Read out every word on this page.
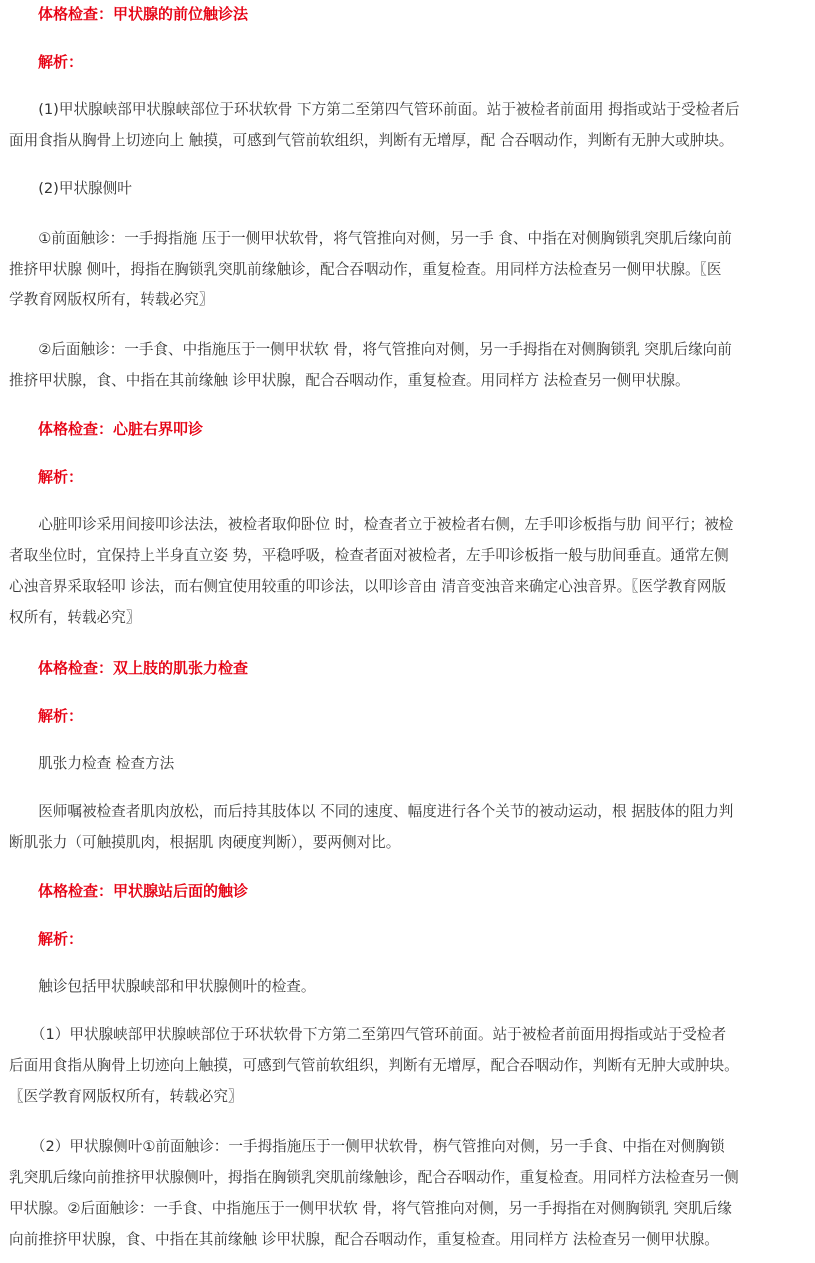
体格检查：甲状腺的前位触诊法
解析：
　　(1)甲状腺峡部甲状腺峡部位于环状软骨 下方第二至第四气管环前面。站于被检者前面用 拇指或站于受检者后
面用食指从胸骨上切迹向上 触摸，可感到气管前软组织，判断有无增厚，配 合吞咽动作，判断有无肿大或肿块。
　　(2)甲状腺侧叶
　　①前面触诊：一手拇指施 压于一侧甲状软骨，将气管推向对侧，另一手 食、中指在对侧胸锁乳突肌后缘向前
推挤甲状腺 侧叶，拇指在胸锁乳突肌前缘触诊，配合吞咽动作，重复检查。用同样方法检查另一侧甲状腺。〖医
学教育网版权所有，转载必究〗
　　②后面触诊：一手食、中指施压于一侧甲状软 骨，将气管推向对侧，另一手拇指在对侧胸锁乳 突肌后缘向前
推挤甲状腺，食、中指在其前缘触 诊甲状腺，配合吞咽动作，重复检查。用同样方 法检查另一侧甲状腺。
体格检查：心脏右界叩诊
解析：
　　心脏叩诊采用间接叩诊法法，被检者取仰卧位 时，检查者立于被检者右侧，左手叩诊板指与肋 间平行；被检
者取坐位时，宜保持上半身直立姿 势，平稳呼吸，检查者面对被检者，左手叩诊板指一般与肋间垂直。通常左侧
心浊音界采取轻叩 诊法，而右侧宜使用较重的叩诊法，以叩诊音由 清音变浊音来确定心浊音界。〖医学教育网版
权所有，转载必究〗
体格检查：双上肢的肌张力检查
解析：
　　肌张力检查 检查方法
　　医师嘱被检查者肌肉放松，而后持其肢体以 不同的速度、幅度进行各个关节的被动运动，根 据肢体的阻力判
断肌张力（可触摸肌肉，根据肌 肉硬度判断），要两侧对比。
体格检查：甲状腺站后面的触诊
解析：
　　触诊包括甲状腺峡部和甲状腺侧叶的检查。
　　（1）甲状腺峡部甲状腺峡部位于环状软骨下方第二至第四气管环前面。站于被检者前面用拇指或站于受检者
后面用食指从胸骨上切迹向上触摸，可感到气管前软组织，判断有无增厚，配合吞咽动作，判断有无肿大或肿块。
〖医学教育网版权所有，转载必究〗
　　（2）甲状腺侧叶①前面触诊：一手拇指施压于一侧甲状软骨，栴气管推向对侧，另一手食、中指在对侧胸锁
乳突肌后缘向前推挤甲状腺侧叶，拇指在胸锁乳突肌前缘触诊，配合吞咽动作，重复检查。用同样方法检查另一侧
甲状腺。②后面触诊：一手食、中指施压于一侧甲状软 骨，将气管推向对侧，另一手拇指在对侧胸锁乳 突肌后缘
向前推挤甲状腺，食、中指在其前缘触 诊甲状腺，配合吞咽动作，重复检查。用同样方 法检查另一侧甲状腺。
